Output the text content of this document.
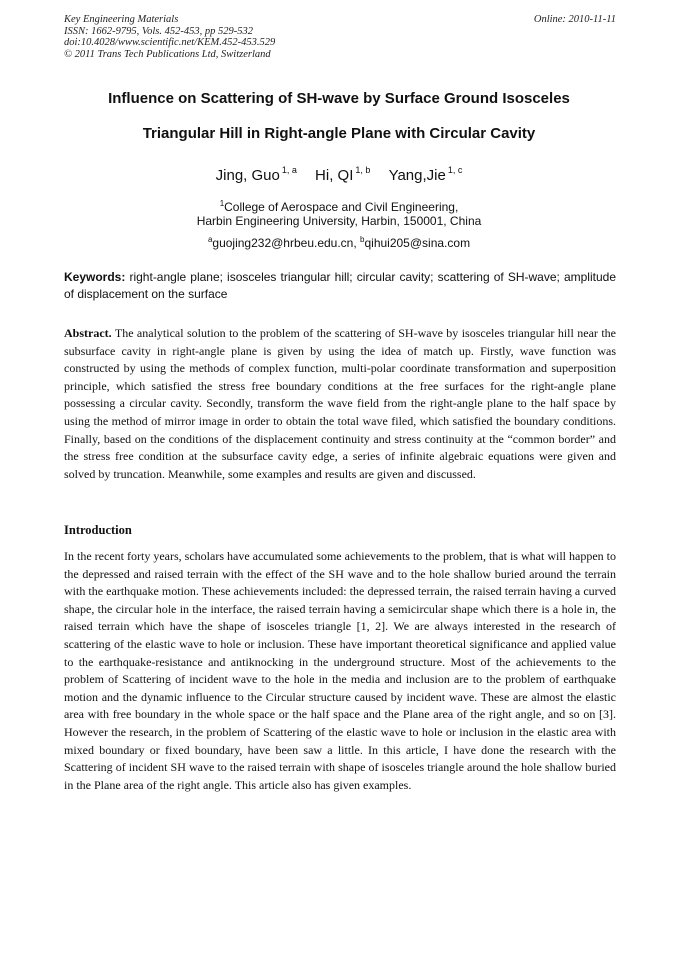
Key Engineering Materials	Online: 2010-11-11
ISSN: 1662-9795, Vols. 452-453, pp 529-532
doi:10.4028/www.scientific.net/KEM.452-453.529
© 2011 Trans Tech Publications Ltd, Switzerland
Influence on Scattering of SH-wave by Surface Ground Isosceles
Triangular Hill in Right-angle Plane with Circular Cavity
Jing, Guo $^{1, a}$ Hi, QI $^{1, b}$ Yang,Jie $^{1, c}$
$^1$College of Aerospace and Civil Engineering,
Harbin Engineering University, Harbin, 150001, China
$^a$guojing232@hrbeu.edu.cn, $^b$qihui205@sina.com
Keywords: right-angle plane; isosceles triangular hill; circular cavity; scattering of SH-wave; amplitude of displacement on the surface
Abstract. The analytical solution to the problem of the scattering of SH-wave by isosceles triangular hill near the subsurface cavity in right-angle plane is given by using the idea of match up. Firstly, wave function was constructed by using the methods of complex function, multi-polar coordinate transformation and superposition principle, which satisfied the stress free boundary conditions at the free surfaces for the right-angle plane possessing a circular cavity. Secondly, transform the wave field from the right-angle plane to the half space by using the method of mirror image in order to obtain the total wave filed, which satisfied the boundary conditions. Finally, based on the conditions of the displacement continuity and stress continuity at the “common border” and the stress free condition at the subsurface cavity edge, a series of infinite algebraic equations were given and solved by truncation. Meanwhile, some examples and results are given and discussed.
Introduction
In the recent forty years, scholars have accumulated some achievements to the problem, that is what will happen to the depressed and raised terrain with the effect of the SH wave and to the hole shallow buried around the terrain with the earthquake motion. These achievements included: the depressed terrain, the raised terrain having a curved shape, the circular hole in the interface, the raised terrain having a semicircular shape which there is a hole in, the raised terrain which have the shape of isosceles triangle [1, 2]. We are always interested in the research of scattering of the elastic wave to hole or inclusion. These have important theoretical significance and applied value to the earthquake-resistance and antiknocking in the underground structure. Most of the achievements to the problem of Scattering of incident wave to the hole in the media and inclusion are to the problem of earthquake motion and the dynamic influence to the Circular structure caused by incident wave. These are almost the elastic area with free boundary in the whole space or the half space and the Plane area of the right angle, and so on [3]. However the research, in the problem of Scattering of the elastic wave to hole or inclusion in the elastic area with mixed boundary or fixed boundary, have been saw a little. In this article, I have done the research with the Scattering of incident SH wave to the raised terrain with shape of isosceles triangle around the hole shallow buried in the Plane area of the right angle. This article also has given examples.
